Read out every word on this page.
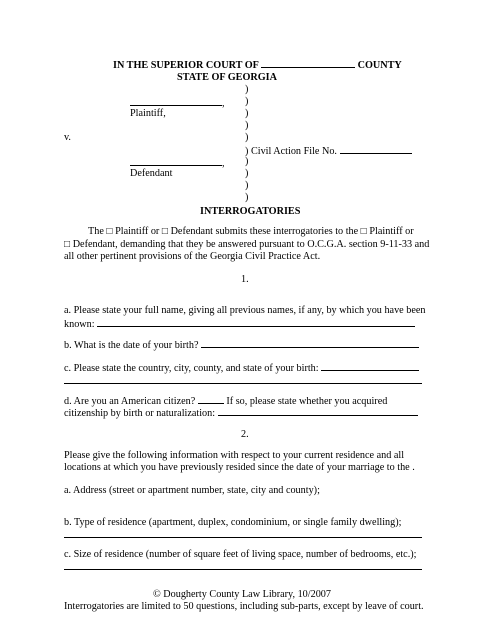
IN THE SUPERIOR COURT OF	COUNTY
STATE OF GEORGIA
)
)
)
)
)
)
)
)
)
,
Plaintiff,
v.
) Civil Action File No.
,
Defendant
INTERROGATORIES
The □ Plaintiff or □ Defendant submits these interrogatories to the □ Plaintiff or
□ Defendant, demanding that they be answered pursuant to O.C.G.A. section 9-11-33 and
all other pertinent provisions of the Georgia Civil Practice Act.
1.
a. Please state your full name, giving all previous names, if any, by which you have been
known:
b. What is the date of your birth?
c. Please state the country, city, county, and state of your birth:
d. Are you an American citizen?	If so, please state whether you acquired
citizenship by birth or naturalization:
2.
Please give the following information with respect to your current residence and all
locations at which you have previously resided since the date of your marriage to the .
a. Address (street or apartment number, state, city and county);
b. Type of residence (apartment, duplex, condominium, or single family dwelling);
c. Size of residence (number of square feet of living space, number of bedrooms, etc.);
© Dougherty County Law Library, 10/2007
Interrogatories are limited to 50 questions, including sub-parts, except by leave of court.
